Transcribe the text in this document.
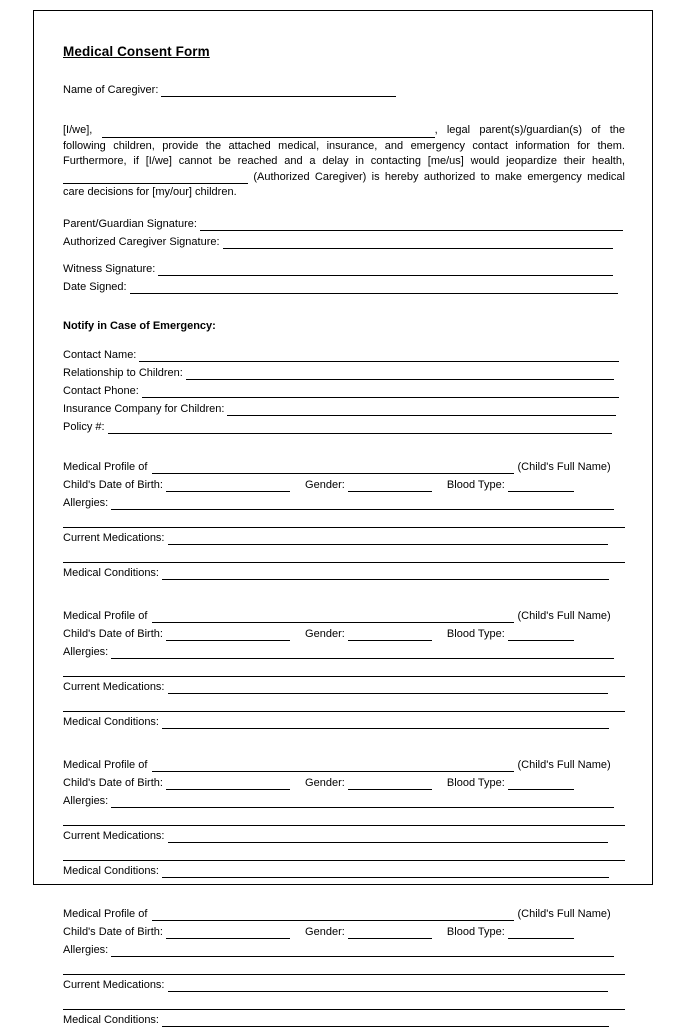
Medical Consent Form
Name of Caregiver:
[I/we],	, legal parent(s)/guardian(s) of the following children, provide the attached medical, insurance, and emergency contact information for them. Furthermore, if [I/we] cannot be reached and a delay in contacting [me/us] would jeopardize their health,  (Authorized Caregiver) is hereby authorized to make emergency medical care decisions for [my/our] children.
Parent/Guardian Signature:
Authorized Caregiver Signature:
Witness Signature:
Date Signed:
Notify in Case of Emergency:
Contact Name:
Relationship to Children:
Contact Phone:
Insurance Company for Children:
Policy #:
Medical Profile of	(Child's Full Name)
Child's Date of Birth:	Gender:	Blood Type:
Allergies:
Current Medications:
Medical Conditions:
Medical Profile of	(Child's Full Name)
Child's Date of Birth:	Gender:	Blood Type:
Allergies:
Current Medications:
Medical Conditions:
Medical Profile of	(Child's Full Name)
Child's Date of Birth:	Gender:	Blood Type:
Allergies:
Current Medications:
Medical Conditions:
Medical Profile of	(Child's Full Name)
Child's Date of Birth:	Gender:	Blood Type:
Allergies:
Current Medications:
Medical Conditions:
